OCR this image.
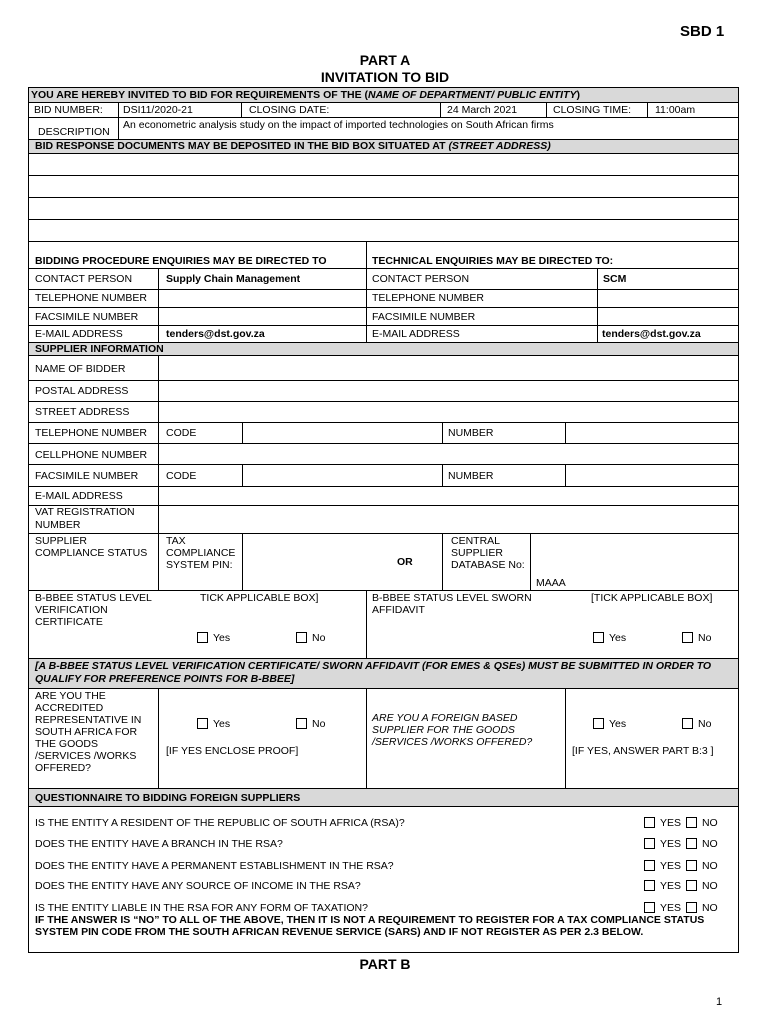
SBD 1
PART A
INVITATION TO BID
YOU ARE HEREBY INVITED TO BID FOR REQUIREMENTS OF THE (NAME OF DEPARTMENT/ PUBLIC ENTITY)
BID NUMBER: DSI11/2020-21	CLOSING DATE:	24 March 2021	CLOSING TIME: 11:00am
DESCRIPTION
An econometric analysis study on the impact of imported technologies on South African firms
BID RESPONSE DOCUMENTS MAY BE DEPOSITED IN THE BID BOX SITUATED AT (STREET ADDRESS)
BIDDING PROCEDURE ENQUIRIES MAY BE DIRECTED TO	TECHNICAL ENQUIRIES MAY BE DIRECTED TO:
CONTACT PERSON	Supply Chain Management	CONTACT PERSON	SCM
TELEPHONE NUMBER	TELEPHONE NUMBER
FACSIMILE NUMBER	FACSIMILE NUMBER
E-MAIL ADDRESS	tenders@dst.gov.za	E-MAIL ADDRESS	tenders@dst.gov.za
SUPPLIER INFORMATION
NAME OF BIDDER
POSTAL ADDRESS
STREET ADDRESS
TELEPHONE NUMBER CODE	NUMBER
CELLPHONE NUMBER
FACSIMILE NUMBER	CODE	NUMBER
E-MAIL ADDRESS
VAT REGISTRATION
NUMBER
SUPPLIER COMPLIANCE STATUS
TAX COMPLIANCE SYSTEM PIN:	OR
CENTRAL SUPPLIER DATABASE No:
MAAA
B-BBEE STATUS LEVEL VERIFICATION CERTIFICATE
TICK APPLICABLE BOX]
Yes	No
B-BBEE STATUS LEVEL SWORN AFFIDAVIT
[TICK APPLICABLE BOX]
Yes	No
[A B-BBEE STATUS LEVEL VERIFICATION CERTIFICATE/ SWORN AFFIDAVIT (FOR EMES & QSEs) MUST BE SUBMITTED IN ORDER TO QUALIFY FOR PREFERENCE POINTS FOR B-BBEE]
ARE YOU THE ACCREDITED REPRESENTATIVE IN SOUTH AFRICA FOR THE GOODS /SERVICES /WORKS OFFERED?
Yes	No
[IF YES ENCLOSE PROOF]
ARE YOU A FOREIGN BASED SUPPLIER FOR THE GOODS /SERVICES /WORKS OFFERED?
Yes	No
[IF YES, ANSWER PART B:3 ]
QUESTIONNAIRE TO BIDDING FOREIGN SUPPLIERS
IS THE ENTITY A RESIDENT OF THE REPUBLIC OF SOUTH AFRICA (RSA)?
DOES THE ENTITY HAVE A BRANCH IN THE RSA?
DOES THE ENTITY HAVE A PERMANENT ESTABLISHMENT IN THE RSA?
DOES THE ENTITY HAVE ANY SOURCE OF INCOME IN THE RSA?
IS THE ENTITY LIABLE IN THE RSA FOR ANY FORM OF TAXATION?
YES NO
YES NO
YES NO
YES NO
YES NO
IF THE ANSWER IS “NO” TO ALL OF THE ABOVE, THEN IT IS NOT A REQUIREMENT TO REGISTER FOR A TAX COMPLIANCE STATUS SYSTEM PIN CODE FROM THE SOUTH AFRICAN REVENUE SERVICE (SARS) AND IF NOT REGISTER AS PER 2.3 BELOW.
PART B
1
